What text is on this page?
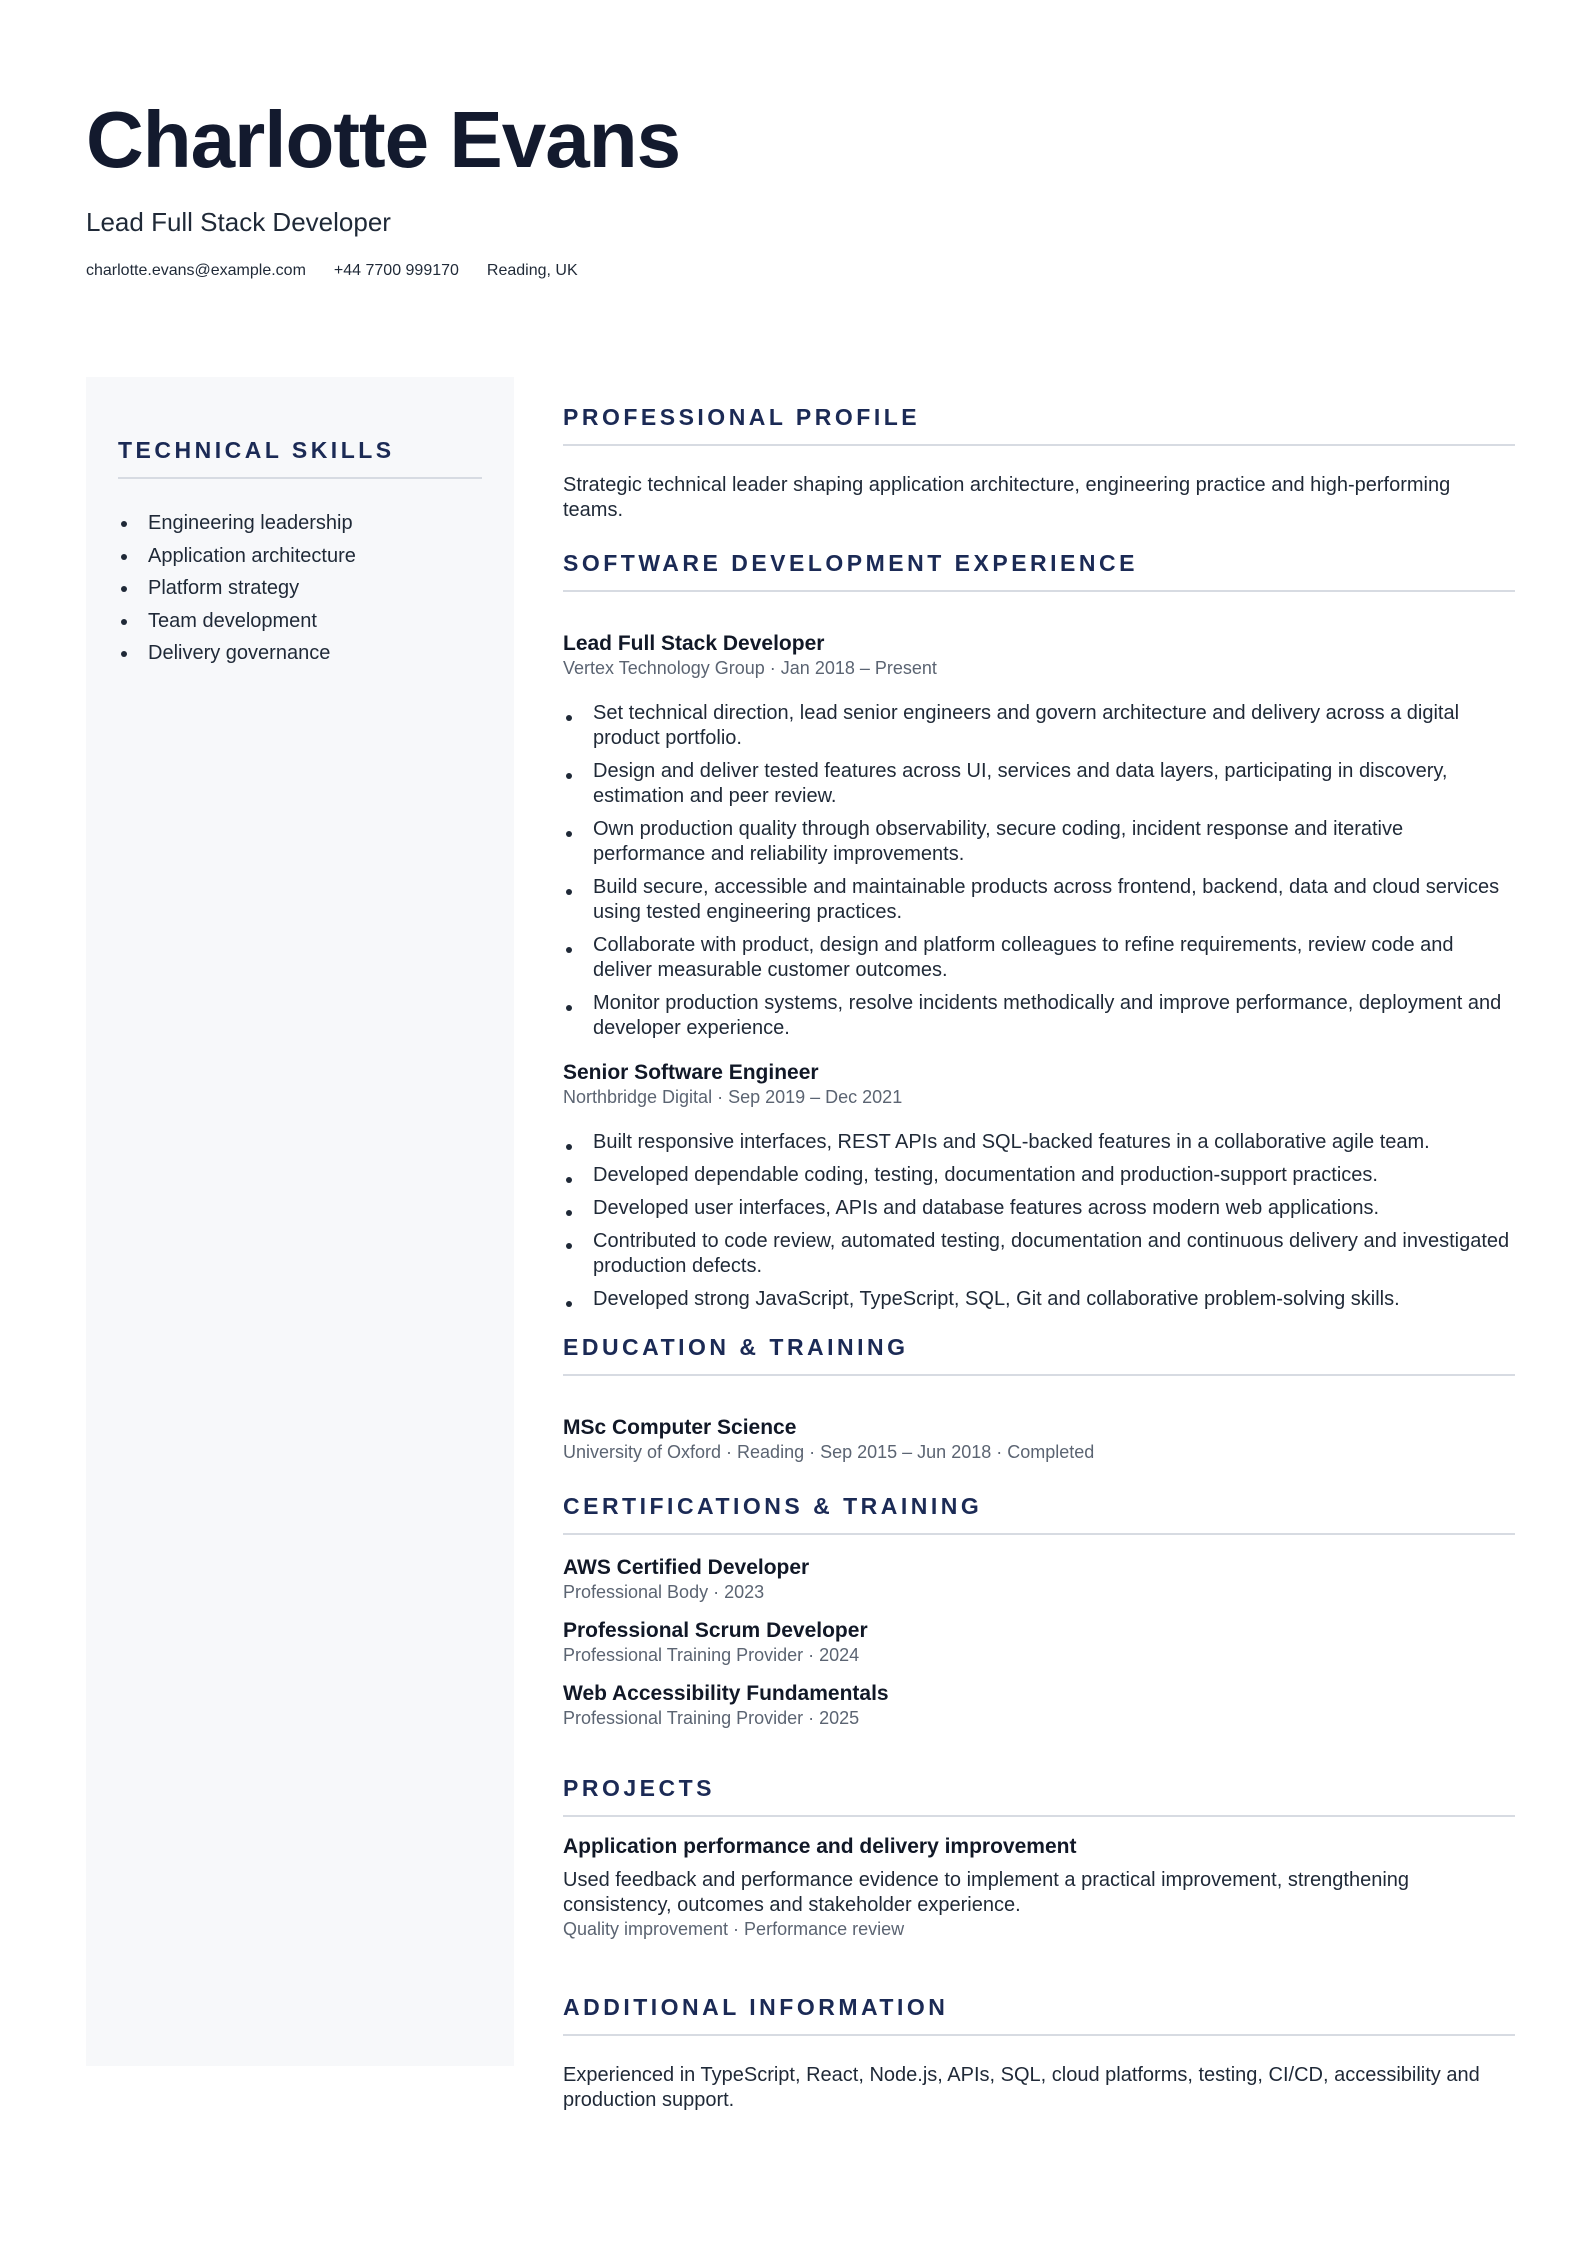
Charlotte Evans
Lead Full Stack Developer
charlotte.evans@example.com +44 7700 999170 Reading, UK
TECHNICAL SKILLS
Engineering leadership
Application architecture
Platform strategy
Team development
Delivery governance
PROFESSIONAL PROFILE
Strategic technical leader shaping application architecture, engineering practice and high-performing teams.
SOFTWARE DEVELOPMENT EXPERIENCE
Lead Full Stack Developer
Vertex Technology Group · Jan 2018 – Present
Set technical direction, lead senior engineers and govern architecture and delivery across a digital product portfolio.
Design and deliver tested features across UI, services and data layers, participating in discovery, estimation and peer review.
Own production quality through observability, secure coding, incident response and iterative performance and reliability improvements.
Build secure, accessible and maintainable products across frontend, backend, data and cloud services using tested engineering practices.
Collaborate with product, design and platform colleagues to refine requirements, review code and deliver measurable customer outcomes.
Monitor production systems, resolve incidents methodically and improve performance, deployment and developer experience.
Senior Software Engineer
Northbridge Digital · Sep 2019 – Dec 2021
Built responsive interfaces, REST APIs and SQL-backed features in a collaborative agile team.
Developed dependable coding, testing, documentation and production-support practices.
Developed user interfaces, APIs and database features across modern web applications.
Contributed to code review, automated testing, documentation and continuous delivery and investigated production defects.
Developed strong JavaScript, TypeScript, SQL, Git and collaborative problem-solving skills.
EDUCATION & TRAINING
MSc Computer Science
University of Oxford · Reading · Sep 2015 – Jun 2018 · Completed
CERTIFICATIONS & TRAINING
AWS Certified Developer
Professional Body · 2023
Professional Scrum Developer
Professional Training Provider · 2024
Web Accessibility Fundamentals
Professional Training Provider · 2025
PROJECTS
Application performance and delivery improvement
Used feedback and performance evidence to implement a practical improvement, strengthening consistency, outcomes and stakeholder experience.
Quality improvement · Performance review
ADDITIONAL INFORMATION
Experienced in TypeScript, React, Node.js, APIs, SQL, cloud platforms, testing, CI/CD, accessibility and production support.
